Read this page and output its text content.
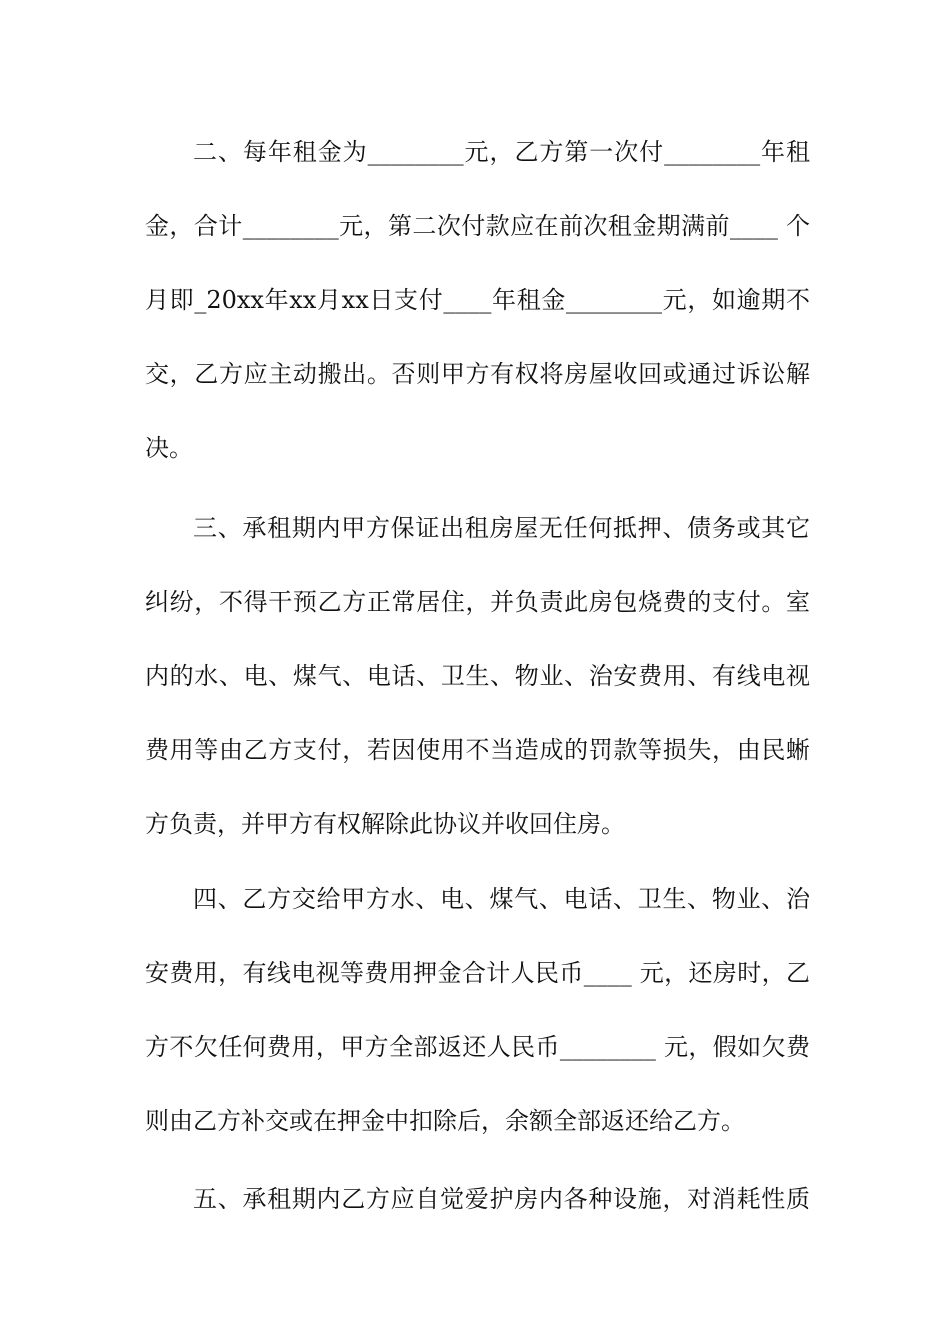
二、每年租金为________元，乙方第一次付________年租
金，合计________元，第二次付款应在前次租金期满前____ 个
月即_20xx年xx月xx日支付____年租金________元，如逾期不
交，乙方应主动搬出。否则甲方有权将房屋收回或通过诉讼解
决。
三、承租期内甲方保证出租房屋无任何抵押、债务或其它
纠纷，不得干预乙方正常居住，并负责此房包烧费的支付。室
内的水、电、煤气、电话、卫生、物业、治安费用、有线电视
费用等由乙方支付，若因使用不当造成的罚款等损失，由民蜥
方负责，并甲方有权解除此协议并收回住房。
四、乙方交给甲方水、电、煤气、电话、卫生、物业、治
安费用，有线电视等费用押金合计人民币____ 元，还房时，乙
方不欠任何费用，甲方全部返还人民币________ 元，假如欠费
则由乙方补交或在押金中扣除后，余额全部返还给乙方。
五、承租期内乙方应自觉爱护房内各种设施，对消耗性质
